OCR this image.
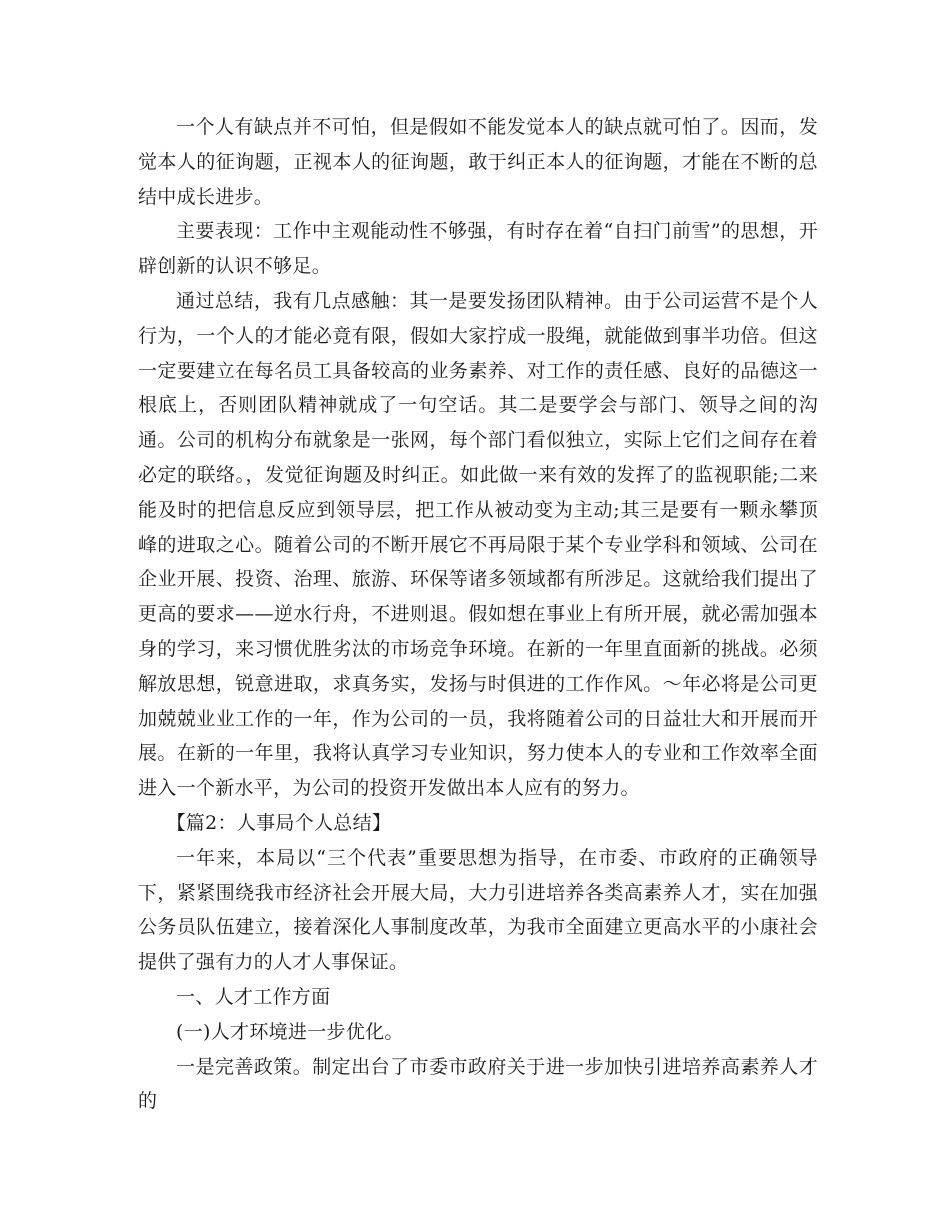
一个人有缺点并不可怕，但是假如不能发觉本人的缺点就可怕了。因而，发觉本人的征询题，正视本人的征询题，敢于纠正本人的征询题，才能在不断的总结中成长进步。

主要表现：工作中主观能动性不够强，有时存在着“自扫门前雪”的思想，开辟创新的认识不够足。

通过总结，我有几点感触：其一是要发扬团队精神。由于公司运营不是个人行为，一个人的才能必竟有限，假如大家拧成一股绳，就能做到事半功倍。但这一定要建立在每名员工具备较高的业务素养、对工作的责任感、良好的品德这一根底上，否则团队精神就成了一句空话。其二是要学会与部门、领导之间的沟通。公司的机构分布就象是一张网，每个部门看似独立，实际上它们之间存在着必定的联络。，发觉征询题及时纠正。如此做一来有效的发挥了的监视职能;二来能及时的把信息反应到领导层，把工作从被动变为主动;其三是要有一颗永攀顶峰的进取之心。随着公司的不断开展它不再局限于某个专业学科和领域、公司在企业开展、投资、治理、旅游、环保等诸多领域都有所涉足。这就给我们提出了更高的要求——逆水行舟，不进则退。假如想在事业上有所开展，就必需加强本身的学习，来习惯优胜劣汰的市场竞争环境。在新的一年里直面新的挑战。必须解放思想，锐意进取，求真务实，发扬与时俱进的工作作风。～年必将是公司更加兢兢业业工作的一年，作为公司的一员，我将随着公司的日益壮大和开展而开展。在新的一年里，我将认真学习专业知识，努力使本人的专业和工作效率全面进入一个新水平，为公司的投资开发做出本人应有的努力。

【篇2：人事局个人总结】

一年来，本局以“三个代表”重要思想为指导，在市委、市政府的正确领导下，紧紧围绕我市经济社会开展大局，大力引进培养各类高素养人才，实在加强公务员队伍建立，接着深化人事制度改革，为我市全面建立更高水平的小康社会提供了强有力的人才人事保证。

一、人才工作方面

(一)人才环境进一步优化。

一是完善政策。制定出台了市委市政府关于进一步加快引进培养高素养人才的
